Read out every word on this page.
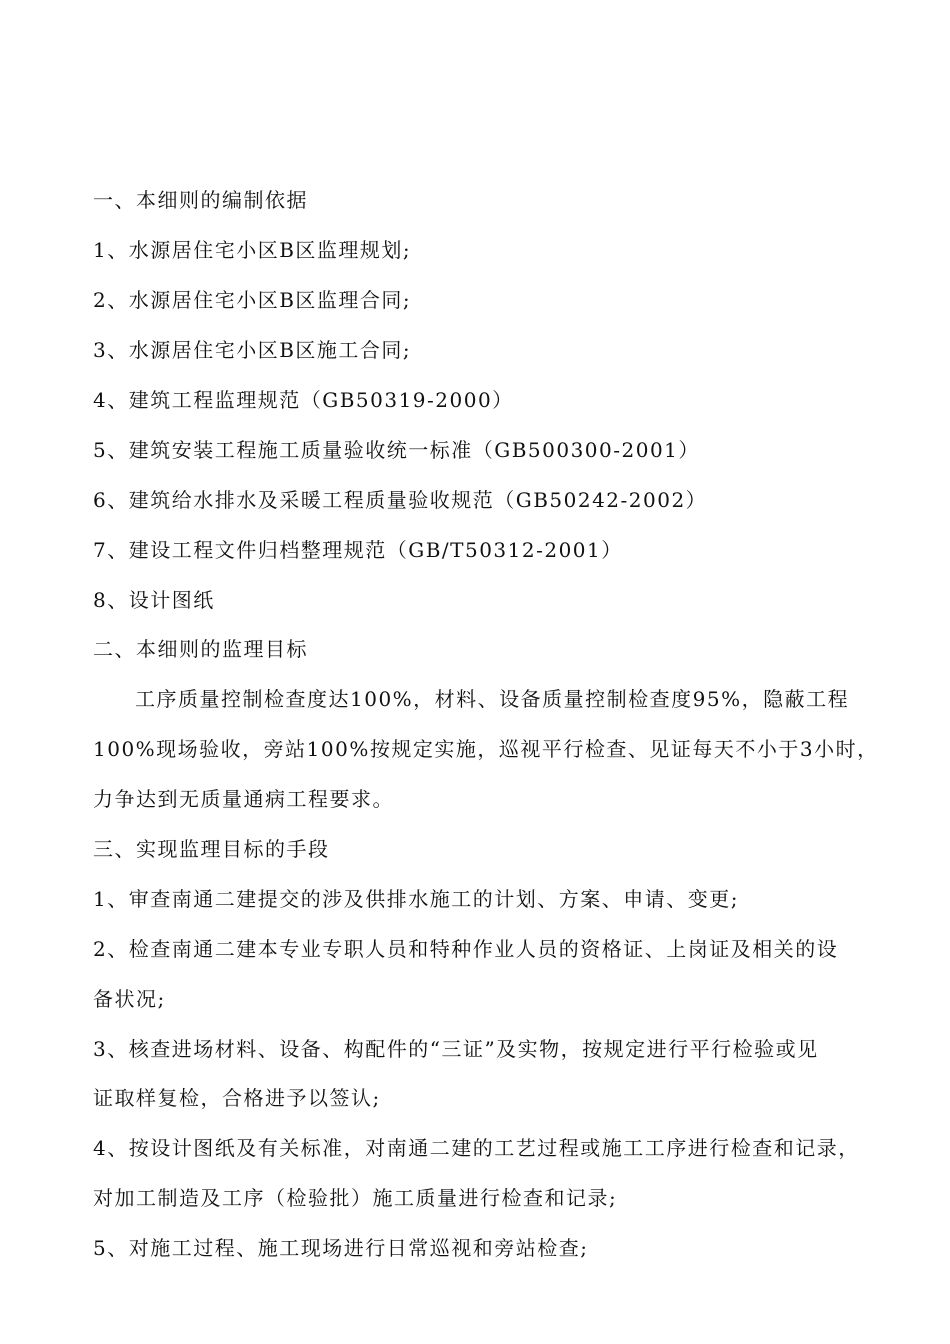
一、本细则的编制依据
1、水源居住宅小区B区监理规划;
2、水源居住宅小区B区监理合同;
3、水源居住宅小区B区施工合同;
4、建筑工程监理规范（GB50319-2000）
5、建筑安装工程施工质量验收统一标准（GB500300-2001）
6、建筑给水排水及采暖工程质量验收规范（GB50242-2002）
7、建设工程文件归档整理规范（GB/T50312-2001）
8、设计图纸
二、本细则的监理目标
工序质量控制检查度达100%，材料、设备质量控制检查度95%，隐蔽工程
100%现场验收，旁站100%按规定实施，巡视平行检查、见证每天不小于3小时，
力争达到无质量通病工程要求。
三、实现监理目标的手段
1、审查南通二建提交的涉及供排水施工的计划、方案、申请、变更;
2、检查南通二建本专业专职人员和特种作业人员的资格证、上岗证及相关的设
备状况;
3、核查进场材料、设备、构配件的“三证”及实物，按规定进行平行检验或见
证取样复检，合格进予以签认;
4、按设计图纸及有关标准，对南通二建的工艺过程或施工工序进行检查和记录，
对加工制造及工序（检验批）施工质量进行检查和记录;
5、对施工过程、施工现场进行日常巡视和旁站检查;
